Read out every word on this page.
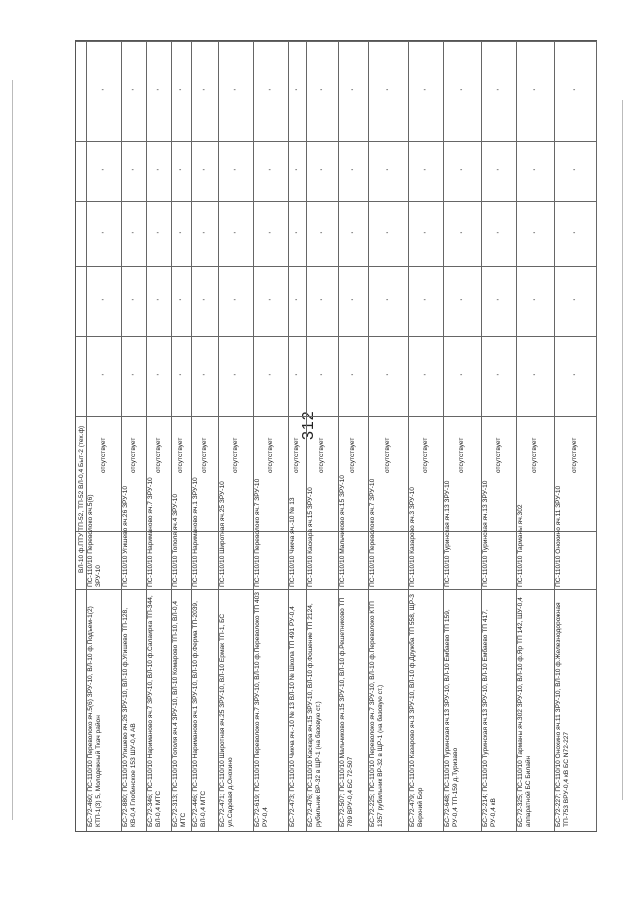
312
ВЛ-10 ф.ПТУ ТП-52, ТП-52 ВЛ-0,4 Быт-2 (тех.ф)
БС-72-460; ПС-110/10 Переволоко яч.5(6) ЗРУ-10, ВЛ-10 ф.Подъем-1(2) КТП-1(3) 5, Молодежный Ткач район
ПС-110/10 Переволоко яч.5(6) ЗРУ-10
отсутствует
-
-
-
-
-
БС-72-880; ПС-110/10 Угишево яч.26 ЗРУ-10, ВЛ-10 ф.Угишево ТП-128, КВ-0,4 Глобинское 153 ШУ-0,4 АВ
ПС-110/10 Угишево яч.26 ЗРУ-10
отсутствует
-
-
-
-
-
БС-72-346; ПС-110/10 Нариманово яч.7 ЗРУ-10, ВЛ-10 ф.Салаирка ТП-344, ВЛ-0,4 МТС
ПС-110/10 Нариманово яч.7 ЗРУ-10
отсутствует
-
-
-
-
-
БС-72-313; ПС-110/10 Тополя яч.4 ЗРУ-10, ВЛ-10 Комарово ТП-10, ВЛ-0,4 МТС
ПС-110/10 Тополя яч.4 ЗРУ-10
отсутствует
-
-
-
-
-
БС-72-446; ПС-110/10 Нариманово яч.1 ЗРУ-10, ВЛ-10 ф.Ферма ТП-2039, ВЛ-0,4 МТС
ПС-110/10 Нариманово яч.1 ЗРУ-10
отсутствует
-
-
-
-
-
БС-72-471; ПС-110/10 Широтная яч.25 ЗРУ-10, ВЛ-10 Ермак ТП-1, БС ул.Садовая д.Онохино
ПС-110/10 Широтная яч.25 ЗРУ-10
отсутствует
-
-
-
-
-
БС-72-619; ПС-110/10 Переволоко яч.7 ЗРУ-10, ВЛ-10 ф.Переволоко ТП 403 РУ-0,4
ПС-110/10 Переволоко яч.7 ЗРУ-10
отсутствует
-
-
-
-
-
БС-72-473; ПС-110/10 Чикча яч.-10 № 13 ВЛ-10 № Школа ТП 491 РУ-0,4
ПС-110/10 Чикча яч.-10 № 13
отсутствует
-
-
-
-
-
БС-72-476; ПС-110/10 Каскара яч.15 ЗРУ-10, ВЛ-10 ф.Фошение ТП 2124, рубильник ВР-32 в ЩР-1 (на базовую ст.)
ПС-110/10 Каскара яч.15 ЗРУ-10
отсутствует
-
-
-
-
-
БС-72-507; ПС-110/10 Мальчиково яч.15 ЗРУ-10, ВЛ-10 ф.Решетниково ТП 789 ВРУ-0,4 БС 72-507
ПС-110/10 Мальчиково яч.15 ЗРУ-10
отсутствует
-
-
-
-
-
БС-72-225; ПС-110/10 Переволоко яч.7 ЗРУ-10, ВЛ-10 ф.Переволоко КТП 1357 рубильник ВР-32 в ЩР-1 (на базовую ст.)
ПС-110/10 Переволоко яч.7 ЗРУ-10
отсутствует
-
-
-
-
-
БС-72-479; ПС-110/10 Казарово яч.3 ЗРУ-10, ВЛ-10 ф.Дружба ТП 558, ЩР-3 Верхний Бор
ПС-110/10 Казарово яч.3 ЗРУ-10
отсутствует
-
-
-
-
-
БС-72-648; ПС-110/10 Туринская яч.13 ЗРУ-10, ВЛ-10 Ембаево ТП 159, РУ-0,4 ТП-159 д.Туризаво
ПС-110/10 Туринская яч.13 ЗРУ-10
отсутствует
-
-
-
-
-
БС-72-214; ПС-110/10 Туринская яч.13 ЗРУ-10, ВЛ-10 Ембаево ТП 417, РУ-0,4 кВ
ПС-110/10 Туринская яч.13 ЗРУ-10
отсутствует
-
-
-
-
-
БС-72-325; ПС-110/10 Тарманы яч.302 ЗРУ-10, ВЛ-10 ф.Яр ТП 142, ШУ-0,4 аппаратной БС Билайн
ПС-110/10 Тарманы яч.302
отсутствует
-
-
-
-
-
БС-72-227; ПС-110/10 Онохино яч.11 ЗРУ-10, ВЛ-10 ф.Железнодорожная ТП-753 ВРУ-0,4 кВ БС N72-227
ПС-110/10 Онохино яч.11 ЗРУ-10
отсутствует
-
-
-
-
-
